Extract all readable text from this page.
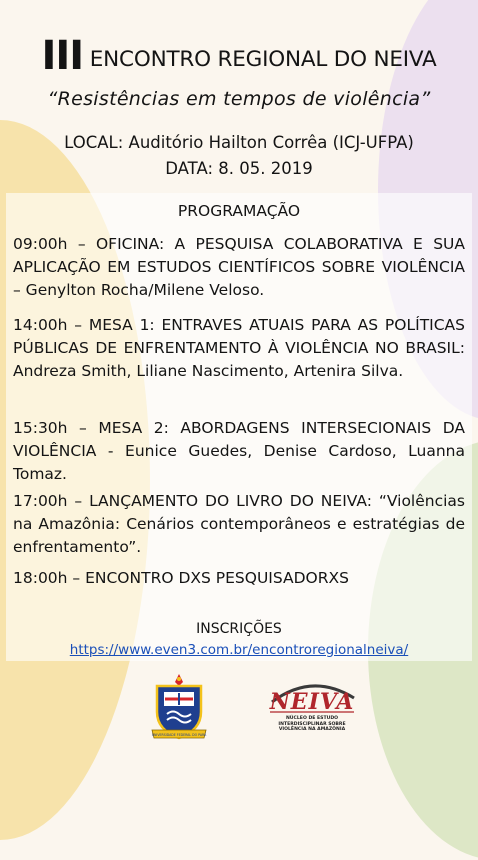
III ENCONTRO REGIONAL DO NEIVA
“Resistências em tempos de violência”
LOCAL: Auditório Hailton Corrêa (ICJ-UFPA)
DATA: 8. 05. 2019
PROGRAMAÇÃO
09:00h – OFICINA: A PESQUISA COLABORATIVA E SUA APLICAÇÃO EM ESTUDOS CIENTÍFICOS SOBRE VIOLÊNCIA – Genylton Rocha/Milene Veloso.
14:00h – MESA 1: ENTRAVES ATUAIS PARA AS POLÍTICAS PÚBLICAS DE ENFRENTAMENTO À VIOLÊNCIA NO BRASIL: Andreza Smith, Liliane Nascimento, Artenira Silva.
15:30h – MESA 2: ABORDAGENS INTERSECIONAIS DA VIOLÊNCIA - Eunice Guedes, Denise Cardoso, Luanna Tomaz.
17:00h – LANÇAMENTO DO LIVRO DO NEIVA: “Violências na Amazônia: Cenários contemporâneos e estratégias de enfrentamento”.
18:00h – ENCONTRO DXS PESQUISADORXS
INSCRIÇÕES
https://www.even3.com.br/encontroregionalneiva/
UNIVERSIDADE FEDERAL DO PARÁ
NEIVA
NÚCLEO DE ESTUDO INTERDISCIPLINAR SOBRE VIOLÊNCIA NA AMAZÔNIA
